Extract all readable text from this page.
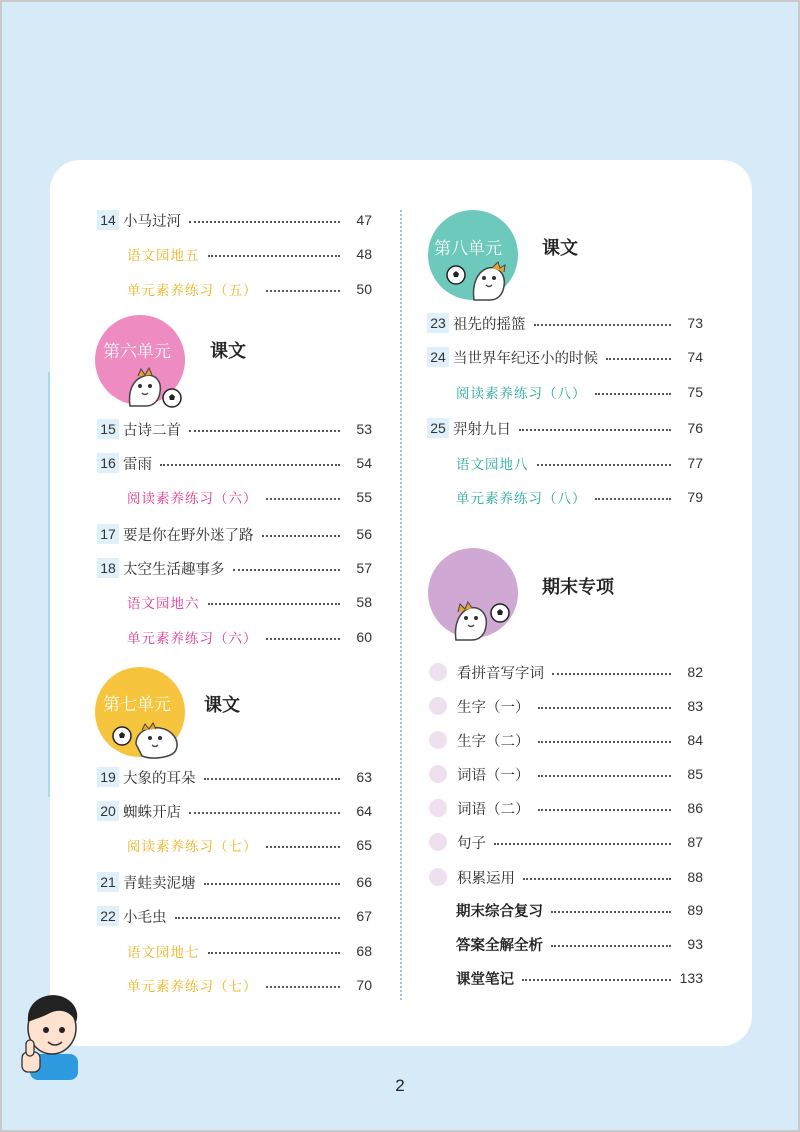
14 小马过河	47
语文园地五	48
单元素养练习（五）	50
第六单元 课文
15 古诗二首	53
16 雷雨	54
阅读素养练习（六）	55
17 要是你在野外迷了路	56
18 太空生活趣事多	57
语文园地六	58
单元素养练习（六）	60
第七单元 课文
19 大象的耳朵	63
20 蜘蛛开店	64
阅读素养练习（七）	65
21 青蛙卖泥塘	66
22 小毛虫	67
语文园地七	68
单元素养练习（七）	70
第八单元 课文
23 祖先的摇篮	73
24 当世界年纪还小的时候	74
阅读素养练习（八）	75
25 羿射九日	76
语文园地八	77
单元素养练习（八）	79
期末专项
看拼音写字词	82
生字（一）	83
生字（二）	84
词语（一）	85
词语（二）	86
句子	87
积累运用	88
期末综合复习	89
答案全解全析	93
课堂笔记	133
2
